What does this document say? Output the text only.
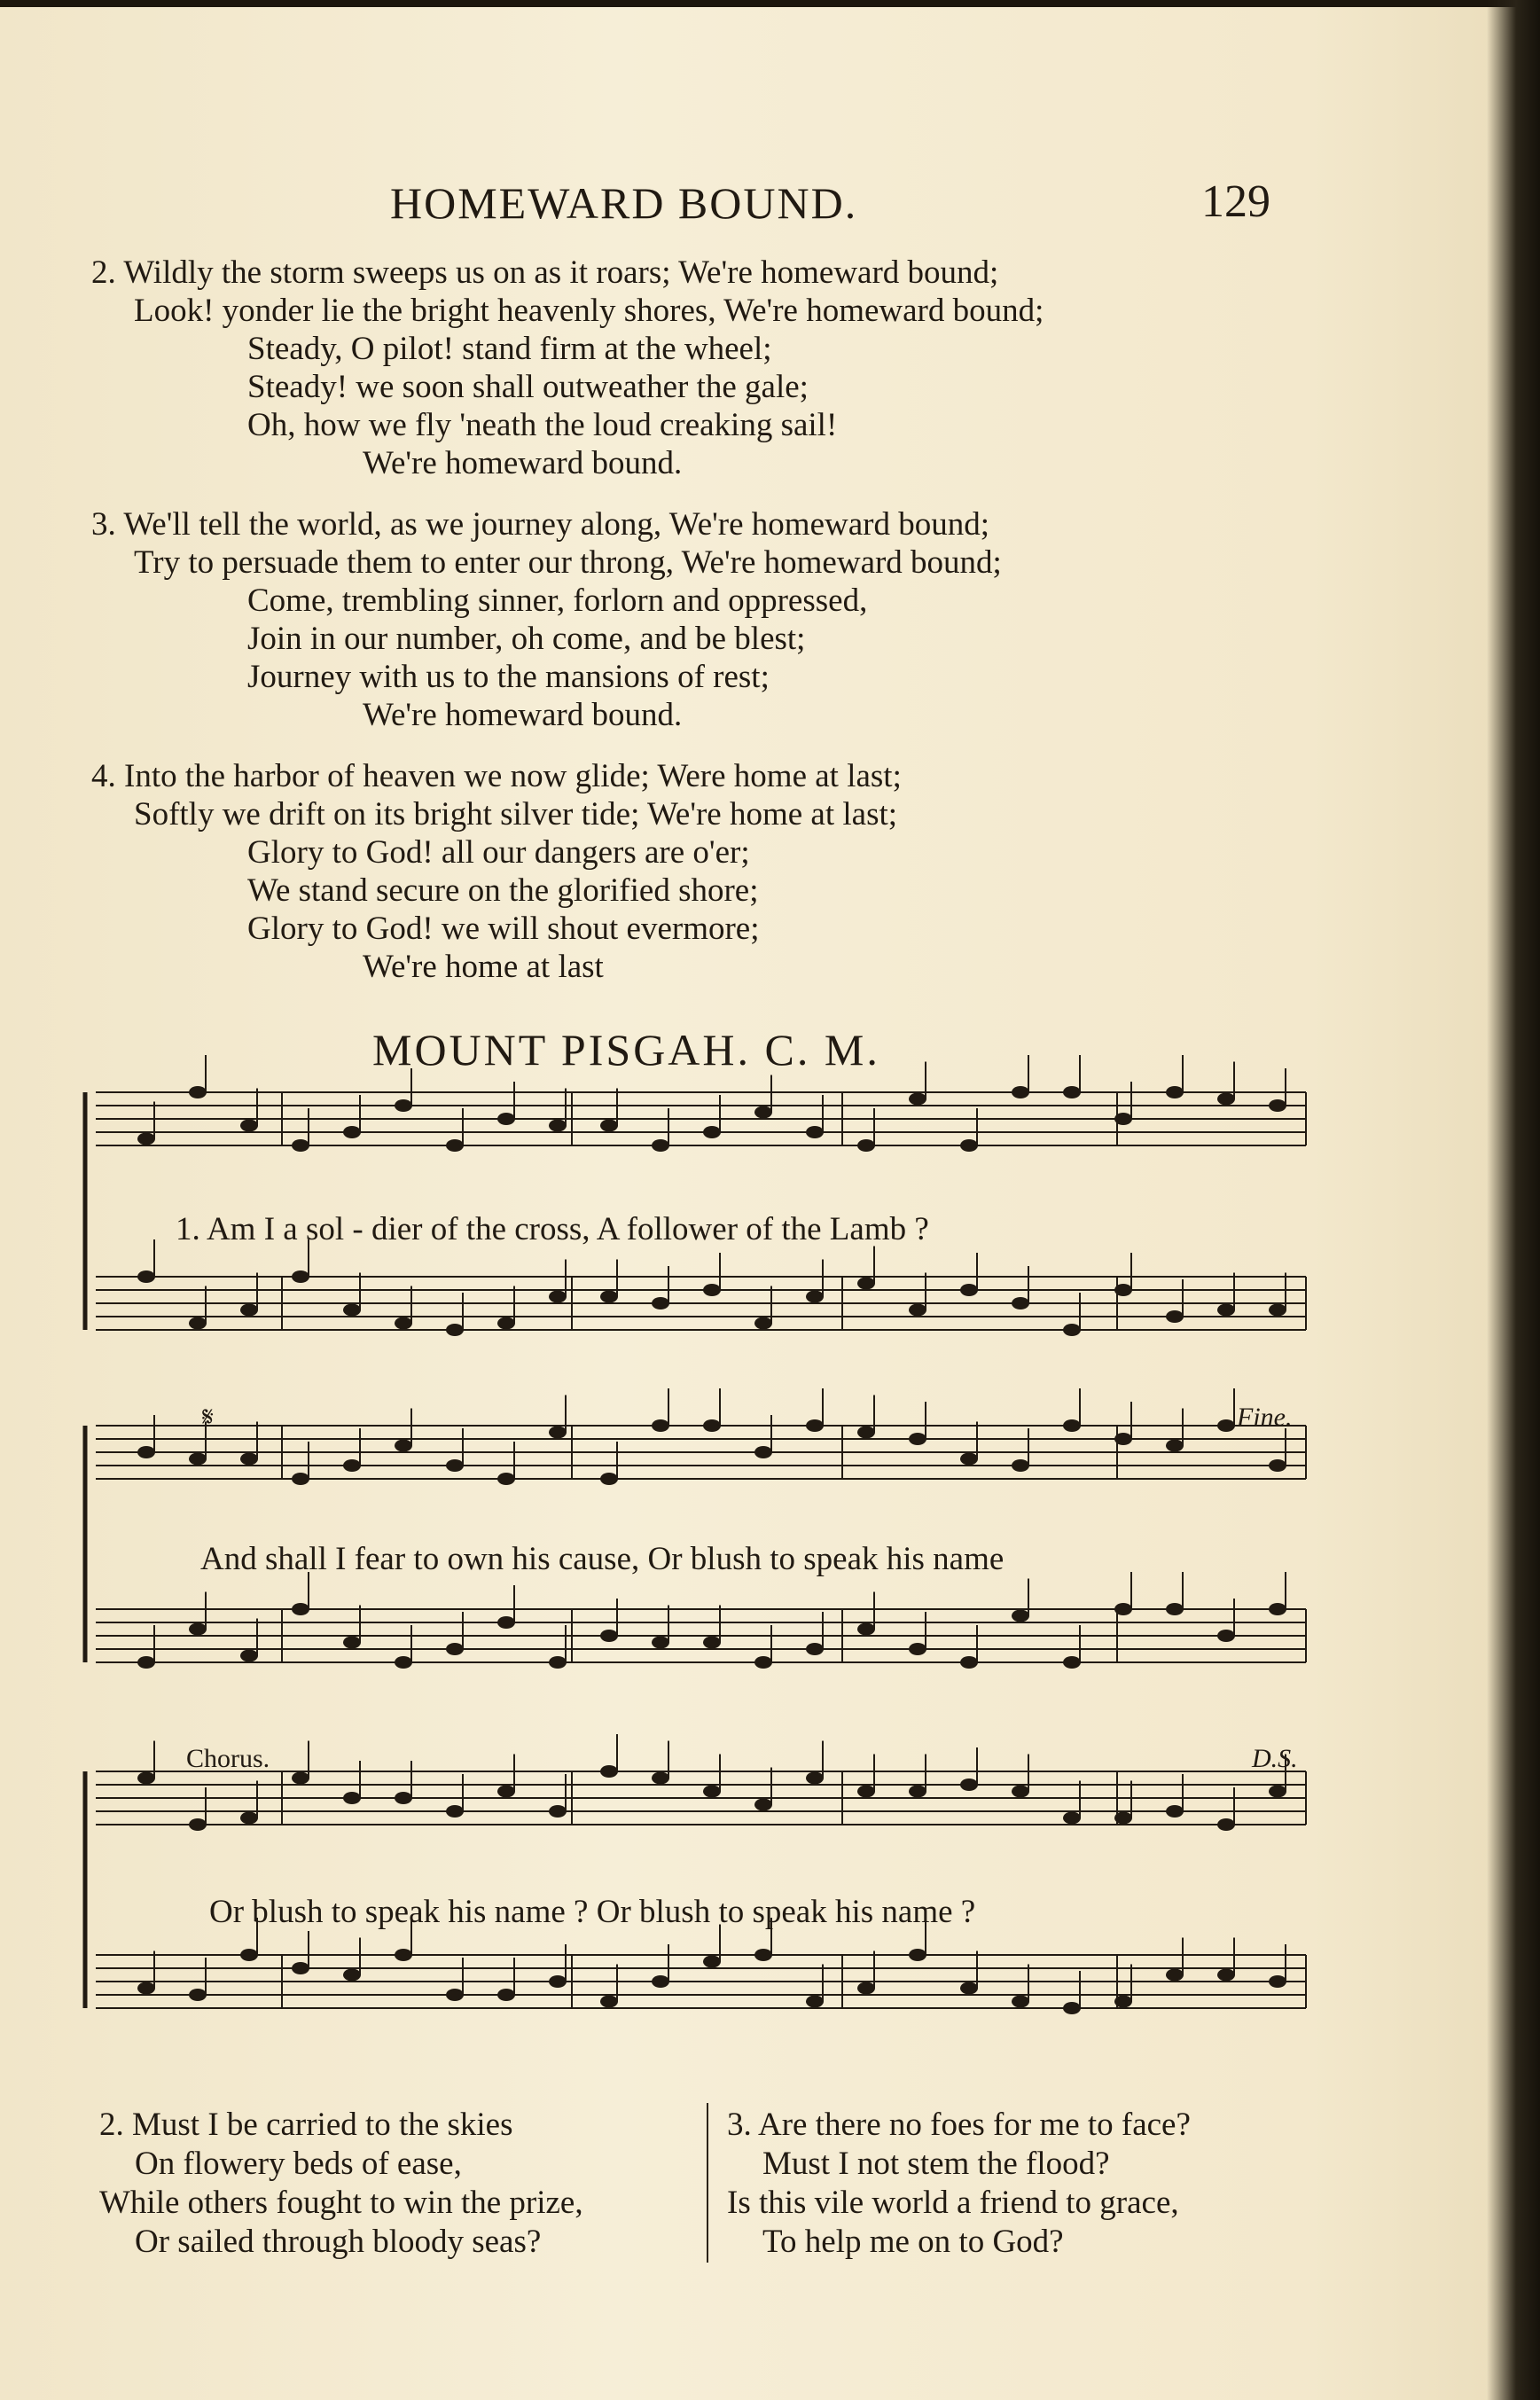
HOMEWARD BOUND.	129
2. Wildly the storm sweeps us on as it roars; We're homeward bound;
Look! yonder lie the bright heavenly shores, We're homeward bound;
Steady, O pilot! stand firm at the wheel;
Steady! we soon shall outweather the gale;
Oh, how we fly 'neath the loud creaking sail!
We're homeward bound.
3. We'll tell the world, as we journey along, We're homeward bound;
Try to persuade them to enter our throng, We're homeward bound;
Come, trembling sinner, forlorn and oppressed,
Join in our number, oh come, and be blest;
Journey with us to the mansions of rest;
We're homeward bound.
4. Into the harbor of heaven we now glide; Were home at last;
Softly we drift on its bright silver tide; We're home at last;
Glory to God! all our dangers are o'er;
We stand secure on the glorified shore;
Glory to God! we will shout evermore;
We're home at last
MOUNT PISGAH. C. M.
1. Am I a sol - dier of the cross, A follower of the Lamb ?
And shall I fear to own his cause, Or blush to speak his name
Or blush to speak his name ? Or blush to speak his name ?
𝄋	Fine.
Chorus.	D.S.
2. Must I be carried to the skies
On flowery beds of ease,
While others fought to win the prize,
Or sailed through bloody seas?
3. Are there no foes for me to face?
Must I not stem the flood?
Is this vile world a friend to grace,
To help me on to God?
